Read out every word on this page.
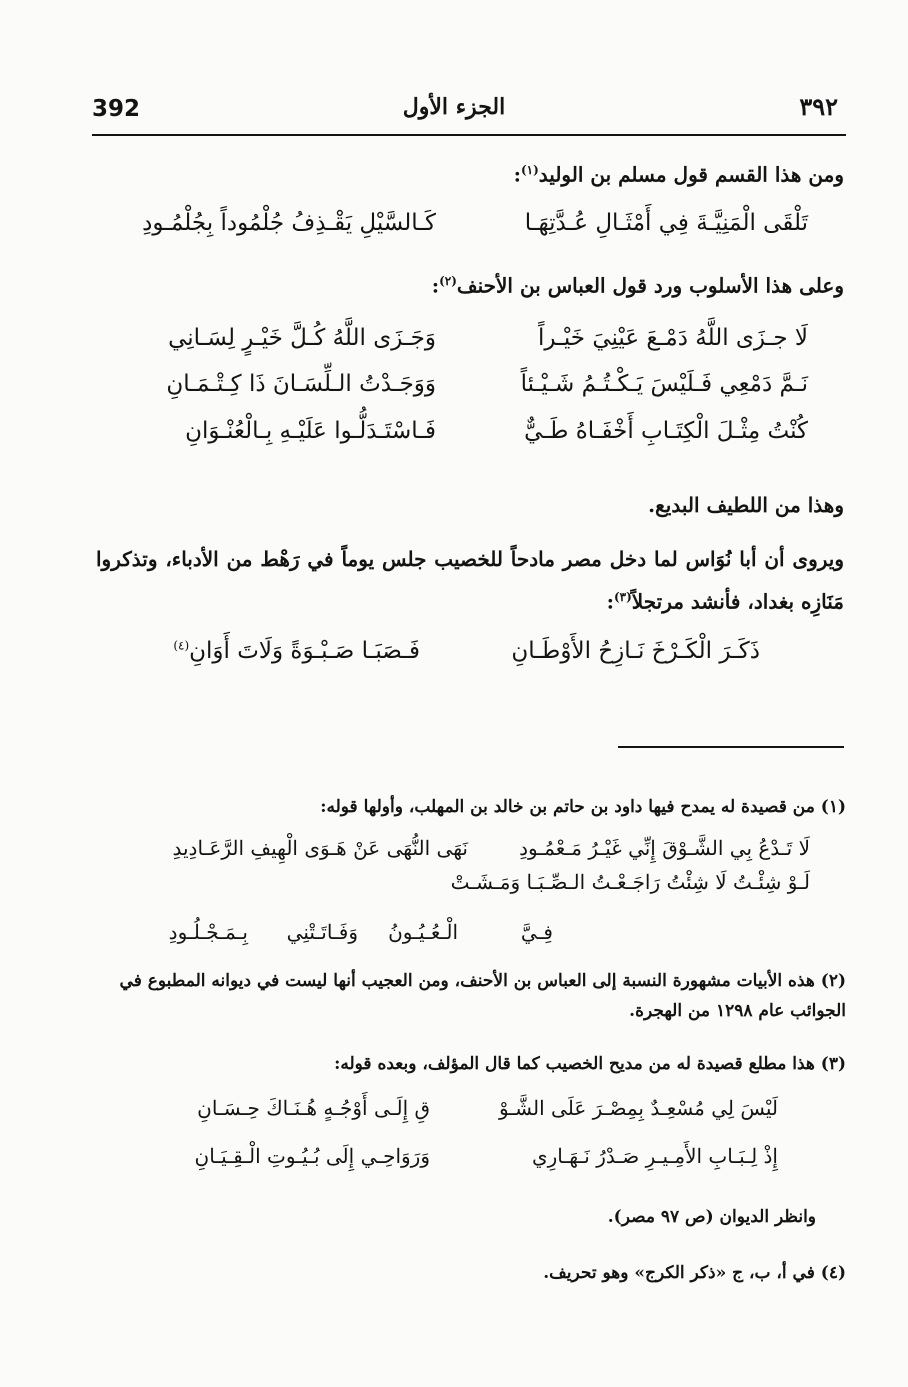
392	الجزء الأول	٣٩٢
ومن هذا القسم قول مسلم بن الوليد$^{(١)}$:
تَلْقَى الْمَنِيَّـةَ فِي أَمْثَـالِ عُـدَّتِهَـا
كَـالسَّيْلِ يَقْـذِفُ جُلْمُوداً بِجُلْمُـودِ
وعلى هذا الأسلوب ورد قول العباس بن الأحنف$^{(٢)}$:
لَا جـزَى اللَّهُ دَمْـعَ عَيْنِيَ خَيْـراً
وَجَـزَى اللَّهُ كُـلَّ خَيْـرٍ لِسَـانِي
نَـمَّ دَمْعِي فَـلَيْسَ يَـكْـتُـمُ شَـيْـئاً
وَوَجَـدْتُ الـلِّسَـانَ ذَا كِـتْـمَـانِ
كُنْتُ مِثْـلَ الْكِتَـابِ أَخْفَـاهُ طَـيٌّ
فَـاسْتَـدَلُّـوا عَلَيْـهِ بِـالْعُنْـوَانِ
وهذا من اللطيف البديع.
ويروى أن أبا نُوَاس لما دخل مصر مادحاً للخصيب جلس يوماً في رَهْط من الأدباء، وتذكروا مَنَازِه بغداد، فأنشد مرتجلاً$^{(٣)}$:
ذَكَـرَ الْكَـرْخَ نَـازِحُ الأَوْطَـانِ
فَـصَبَـا صَـبْـوَةً وَلَاتَ أَوَانِ$^{(٤)}$
(١) من قصيدة له يمدح فيها داود بن حاتم بن خالد بن المهلب، وأولها قوله:
لَا تَـدْعُ بِي الشَّـوْقَ إِنِّي غَيْـرُ مَـعْمُـودِ
نَهَى النُّهَى عَنْ هَـوَى الْهِيفِ الرَّعَـادِيدِ
لَـوْ شِئْـتُ لَا شِئْتُ رَاجَـعْـتُ الـصِّـبَـا وَمَـشَـتْ
فِـيَّ
الْـعُـيُـونُ
وَفَـاتَـتْنِي
بِـمَـجْـلُـودِ
(٢) هذه الأبيات مشهورة النسبة إلى العباس بن الأحنف، ومن العجيب أنها ليست في ديوانه المطبوع في الجوائب عام ١٢٩٨ من الهجرة.
(٣) هذا مطلع قصيدة له من مديح الخصيب كما قال المؤلف، وبعده قوله:
لَيْسَ لِي مُسْعِـدٌ بِمِصْـرَ عَلَى الشَّـوْ
قِ إِلَـى أَوْجُـهٍ هُـنَـاكَ حِـسَـانِ
إِذْ لِـبَـابِ الأَمِـيـرِ صَـدْرُ نَـهَـارِي
وَرَوَاحِـي إِلَى بُـيُـوتِ الْـقِـيَـانِ
وانظر الديوان (ص ٩٧ مصر).
(٤) في أ، ب، ج «ذكر الكرج» وهو تحريف.
